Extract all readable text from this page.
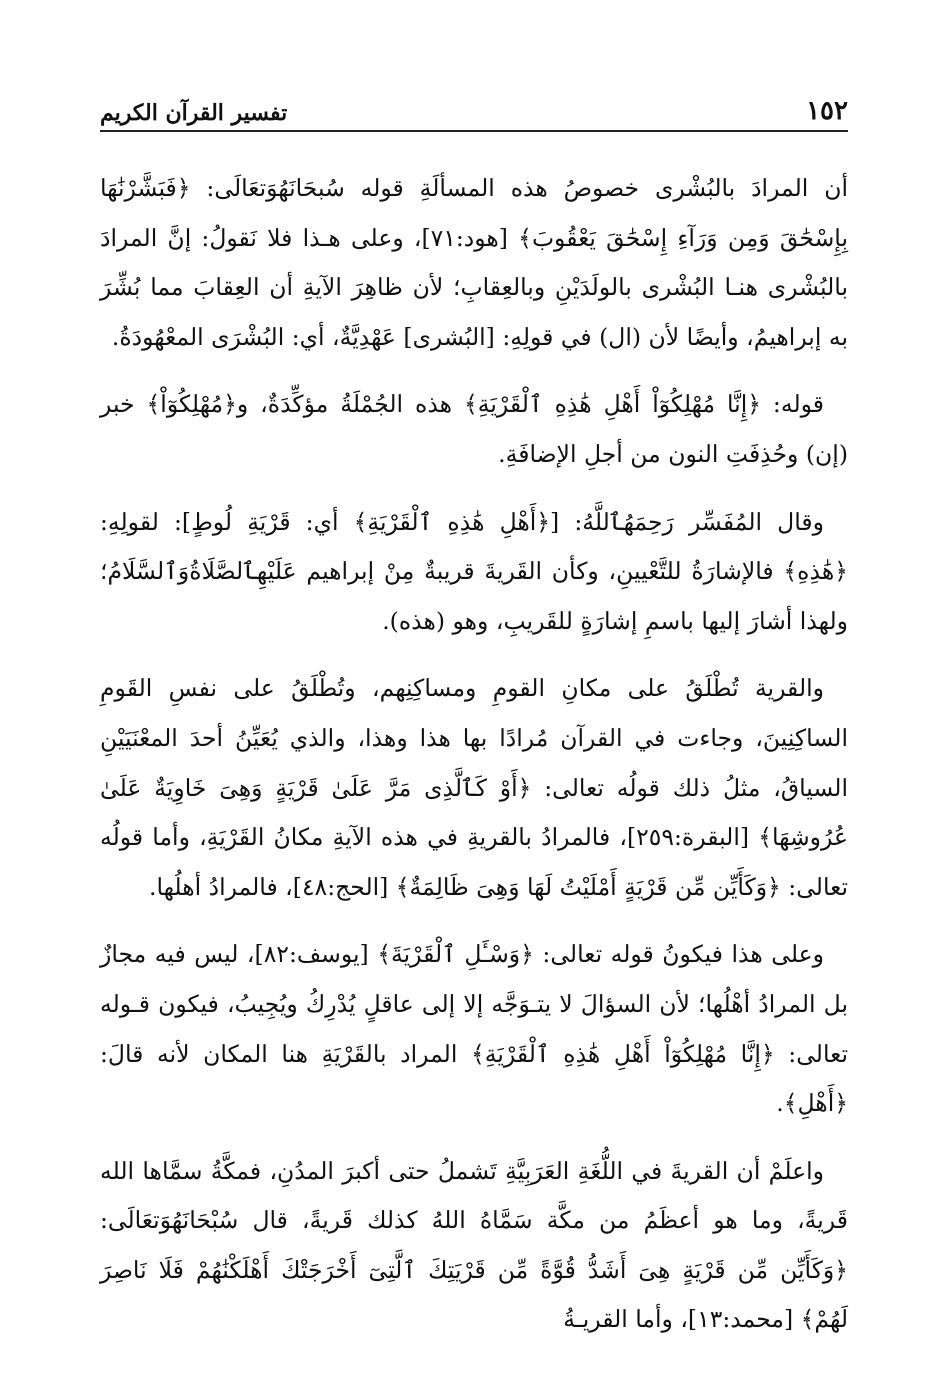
١٥٢
تفسير القرآن الكريم

أن المرادَ بالبُشْرى خصوصُ هذه المسألَةِ قوله سُبحَانَهُوَتعَالَى: ﴿فَبَشَّرْنَٰهَا بِإِسْحَٰقَ وَمِن وَرَآءِ إِسْحَٰقَ يَعْقُوبَ﴾ [هود:٧١]، وعلى هـذا فلا نَقولُ: إنَّ المرادَ بالبُشْرى هنـا البُشْرى بالولَدَيْنِ وبالعِقابِ؛ لأن ظاهِرَ الآيةِ أن العِقابَ مما بُشِّرَ به إبراهيمُ، وأيضًا لأن (ال) في قولِهِ: [البُشرى] عَهْدِيَّةٌ، أي: البُشْرَى المعْهُودَةُ.

قوله: ﴿إِنَّا مُهْلِكُوٓاْ أَهْلِ هَٰذِهِ ٱلْقَرْيَةِ﴾ هذه الجُمْلَةُ مؤكِّدَةٌ، و﴿مُهْلِكُوٓاْ﴾ خبر (إن) وحُذِفَتِ النون من أجلِ الإضافَةِ.

وقال المُفَسِّر رَحِمَهُٱللَّهُ: [﴿أَهْلِ هَٰذِهِ ٱلْقَرْيَةِ﴾ أي: قَرْيَةِ لُوطٍ]: لقولِهِ: ﴿هَٰذِهِ﴾ فالإشارَةُ للتَّعْيينِ، وكأن القَريةَ قريبةٌ مِنْ إبراهيم عَلَيْهِٱلصَّلَاةُوَٱلسَّلَامُ؛ ولهذا أشارَ إليها باسمِ إشارَةٍ للقَريبِ، وهو (هذه).

والقرية تُطْلَقُ على مكانِ القومِ ومساكِنِهم، وتُطْلَقُ على نفسِ القَومِ الساكِنِينَ، وجاءت في القرآن مُرادًا بها هذا وهذا، والذي يُعَيِّنُ أحدَ المعْنَيَيْنِ السياقُ، مثلُ ذلك قولُه تعالى: ﴿أَوْ كَٱلَّذِى مَرَّ عَلَىٰ قَرْيَةٍ وَهِىَ خَاوِيَةٌ عَلَىٰ عُرُوشِهَا﴾ [البقرة:٢٥٩]، فالمرادُ بالقريةِ في هذه الآيةِ مكانُ القَرْيَةِ، وأما قولُه تعالى: ﴿وَكَأَيِّن مِّن قَرْيَةٍ أَمْلَيْتُ لَهَا وَهِىَ ظَالِمَةٌ﴾ [الحج:٤٨]، فالمرادُ أهلُها.

وعلى هذا فيكونُ قوله تعالى: ﴿وَسْـَٔلِ ٱلْقَرْيَةَ﴾ [يوسف:٨٢]، ليس فيه مجازٌ بل المرادُ أهْلُها؛ لأن السؤالَ لا يتـوَجَّه إلا إلى عاقلٍ يُدْرِكُ ويُجِيبُ، فيكون قـوله تعالى: ﴿إِنَّا مُهْلِكُوٓاْ أَهْلِ هَٰذِهِ ٱلْقَرْيَةِ﴾ المراد بالقَرْيَةِ هنا المكان لأنه قالَ: ﴿أَهْلِ﴾.

واعلَمْ أن القريةَ في اللُّغَةِ العَرَبِيَّةِ تَشملُ حتى أكبرَ المدُنِ، فمكَّةُ سمَّاها الله قَريةً، وما هو أعظَمُ من مكَّة سَمَّاهُ اللهُ كذلك قَريةً، قال سُبْحَانَهُوَتعَالَى: ﴿وَكَأَيِّن مِّن قَرْيَةٍ هِىَ أَشَدُّ قُوَّةً مِّن قَرْيَتِكَ ٱلَّتِىٓ أَخْرَجَتْكَ أَهْلَكْنَٰهُمْ فَلَا نَاصِرَ لَهُمْ﴾ [محمد:١٣]، وأما القريـةُ
